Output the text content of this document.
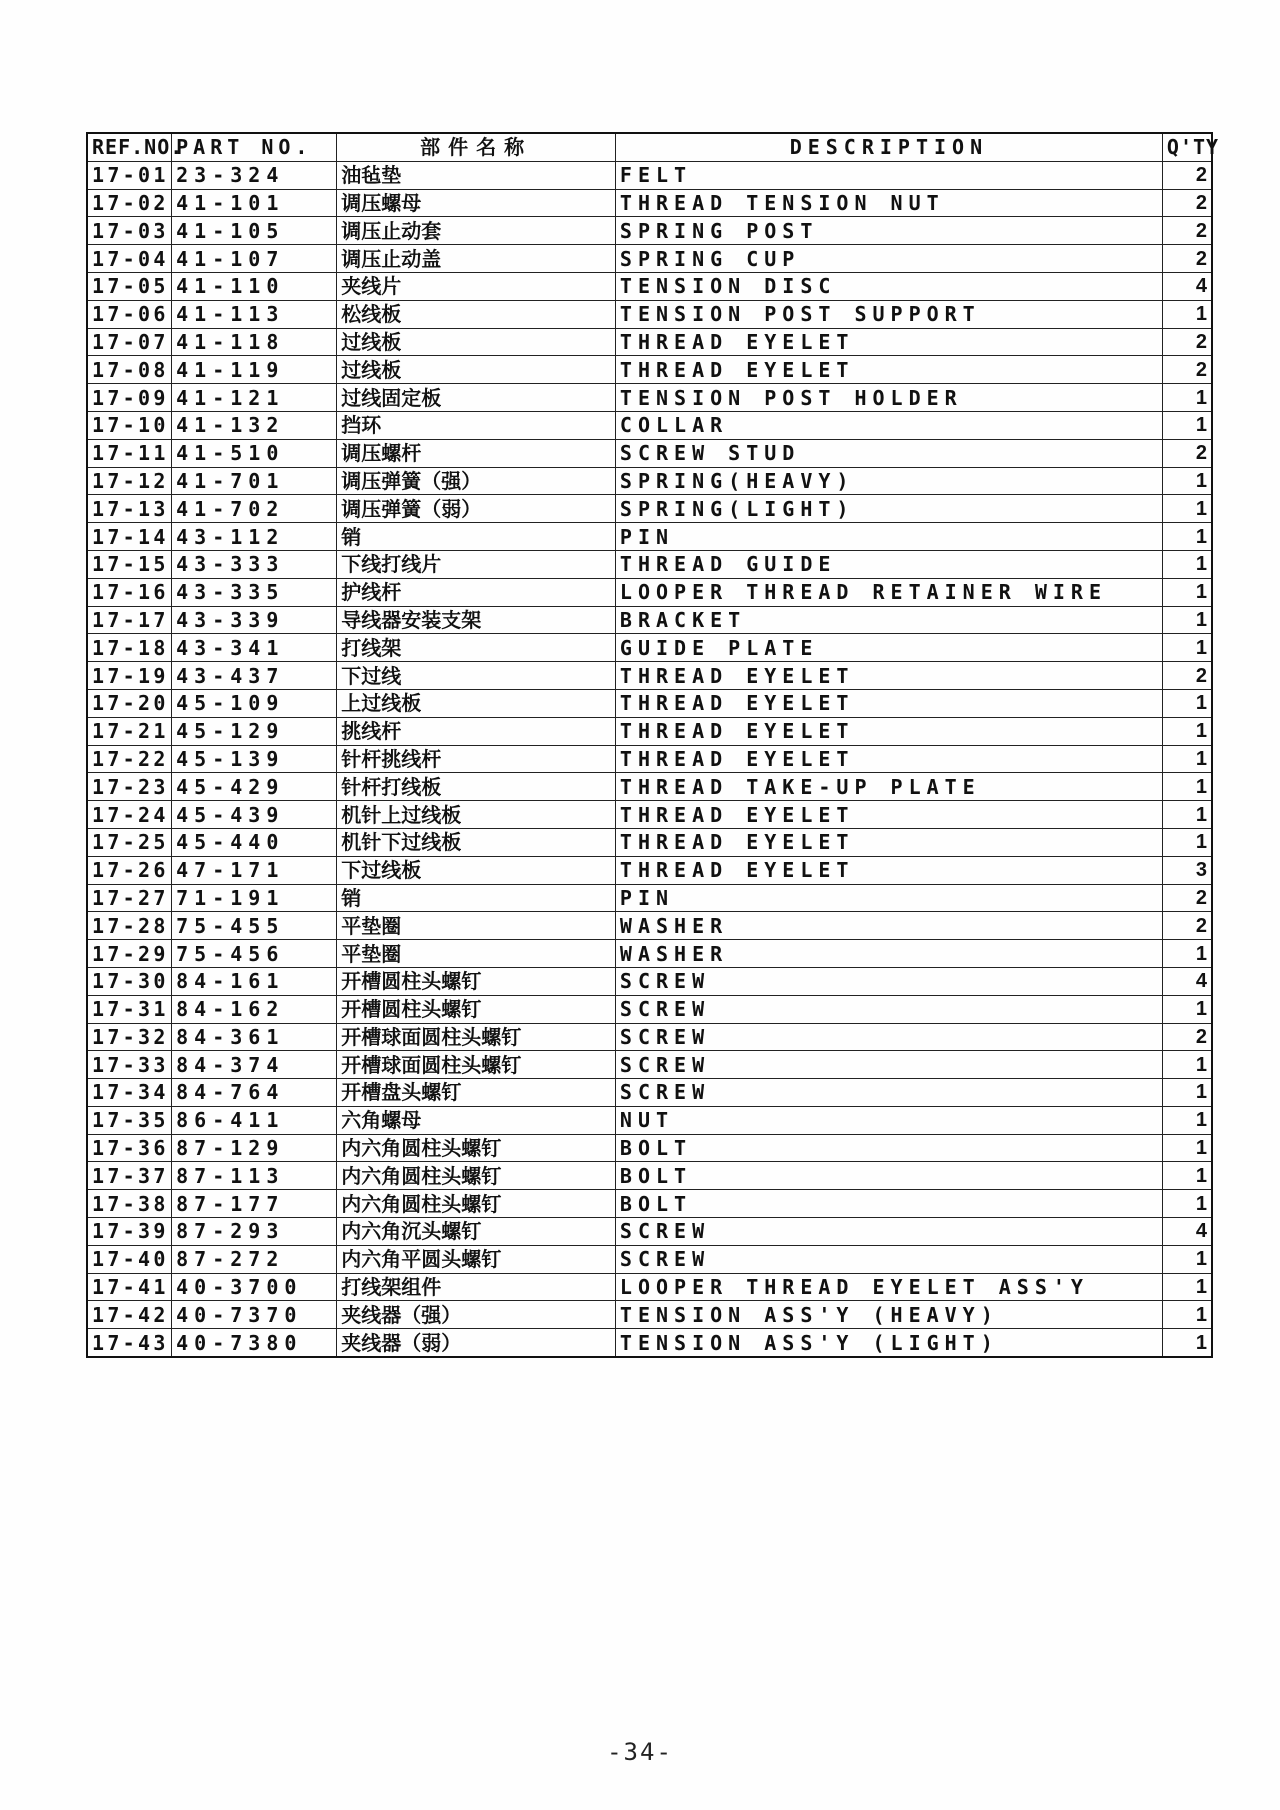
REF.NO.	PART NO.	部件名称	DESCRIPTION	Q'TY
17-01	23-324	油毡垫	FELT	2
17-02	41-101	调压螺母	THREAD TENSION NUT	2
17-03	41-105	调压止动套	SPRING POST	2
17-04	41-107	调压止动盖	SPRING CUP	2
17-05	41-110	夹线片	TENSION DISC	4
17-06	41-113	松线板	TENSION POST SUPPORT	1
17-07	41-118	过线板	THREAD EYELET	2
17-08	41-119	过线板	THREAD EYELET	2
17-09	41-121	过线固定板	TENSION POST HOLDER	1
17-10	41-132	挡环	COLLAR	1
17-11	41-510	调压螺杆	SCREW STUD	2
17-12	41-701	调压弹簧（强）	SPRING(HEAVY)	1
17-13	41-702	调压弹簧（弱）	SPRING(LIGHT)	1
17-14	43-112	销	PIN	1
17-15	43-333	下线打线片	THREAD GUIDE	1
17-16	43-335	护线杆	LOOPER THREAD RETAINER WIRE	1
17-17	43-339	导线器安装支架	BRACKET	1
17-18	43-341	打线架	GUIDE PLATE	1
17-19	43-437	下过线	THREAD EYELET	2
17-20	45-109	上过线板	THREAD EYELET	1
17-21	45-129	挑线杆	THREAD EYELET	1
17-22	45-139	针杆挑线杆	THREAD EYELET	1
17-23	45-429	针杆打线板	THREAD TAKE-UP PLATE	1
17-24	45-439	机针上过线板	THREAD EYELET	1
17-25	45-440	机针下过线板	THREAD EYELET	1
17-26	47-171	下过线板	THREAD EYELET	3
17-27	71-191	销	PIN	2
17-28	75-455	平垫圈	WASHER	2
17-29	75-456	平垫圈	WASHER	1
17-30	84-161	开槽圆柱头螺钉	SCREW	4
17-31	84-162	开槽圆柱头螺钉	SCREW	1
17-32	84-361	开槽球面圆柱头螺钉	SCREW	2
17-33	84-374	开槽球面圆柱头螺钉	SCREW	1
17-34	84-764	开槽盘头螺钉	SCREW	1
17-35	86-411	六角螺母	NUT	1
17-36	87-129	内六角圆柱头螺钉	BOLT	1
17-37	87-113	内六角圆柱头螺钉	BOLT	1
17-38	87-177	内六角圆柱头螺钉	BOLT	1
17-39	87-293	内六角沉头螺钉	SCREW	4
17-40	87-272	内六角平圆头螺钉	SCREW	1
17-41	40-3700	打线架组件	LOOPER THREAD EYELET ASS'Y	1
17-42	40-7370	夹线器（强）	TENSION ASS'Y (HEAVY)	1
17-43	40-7380	夹线器（弱）	TENSION ASS'Y (LIGHT)	1
-34-
